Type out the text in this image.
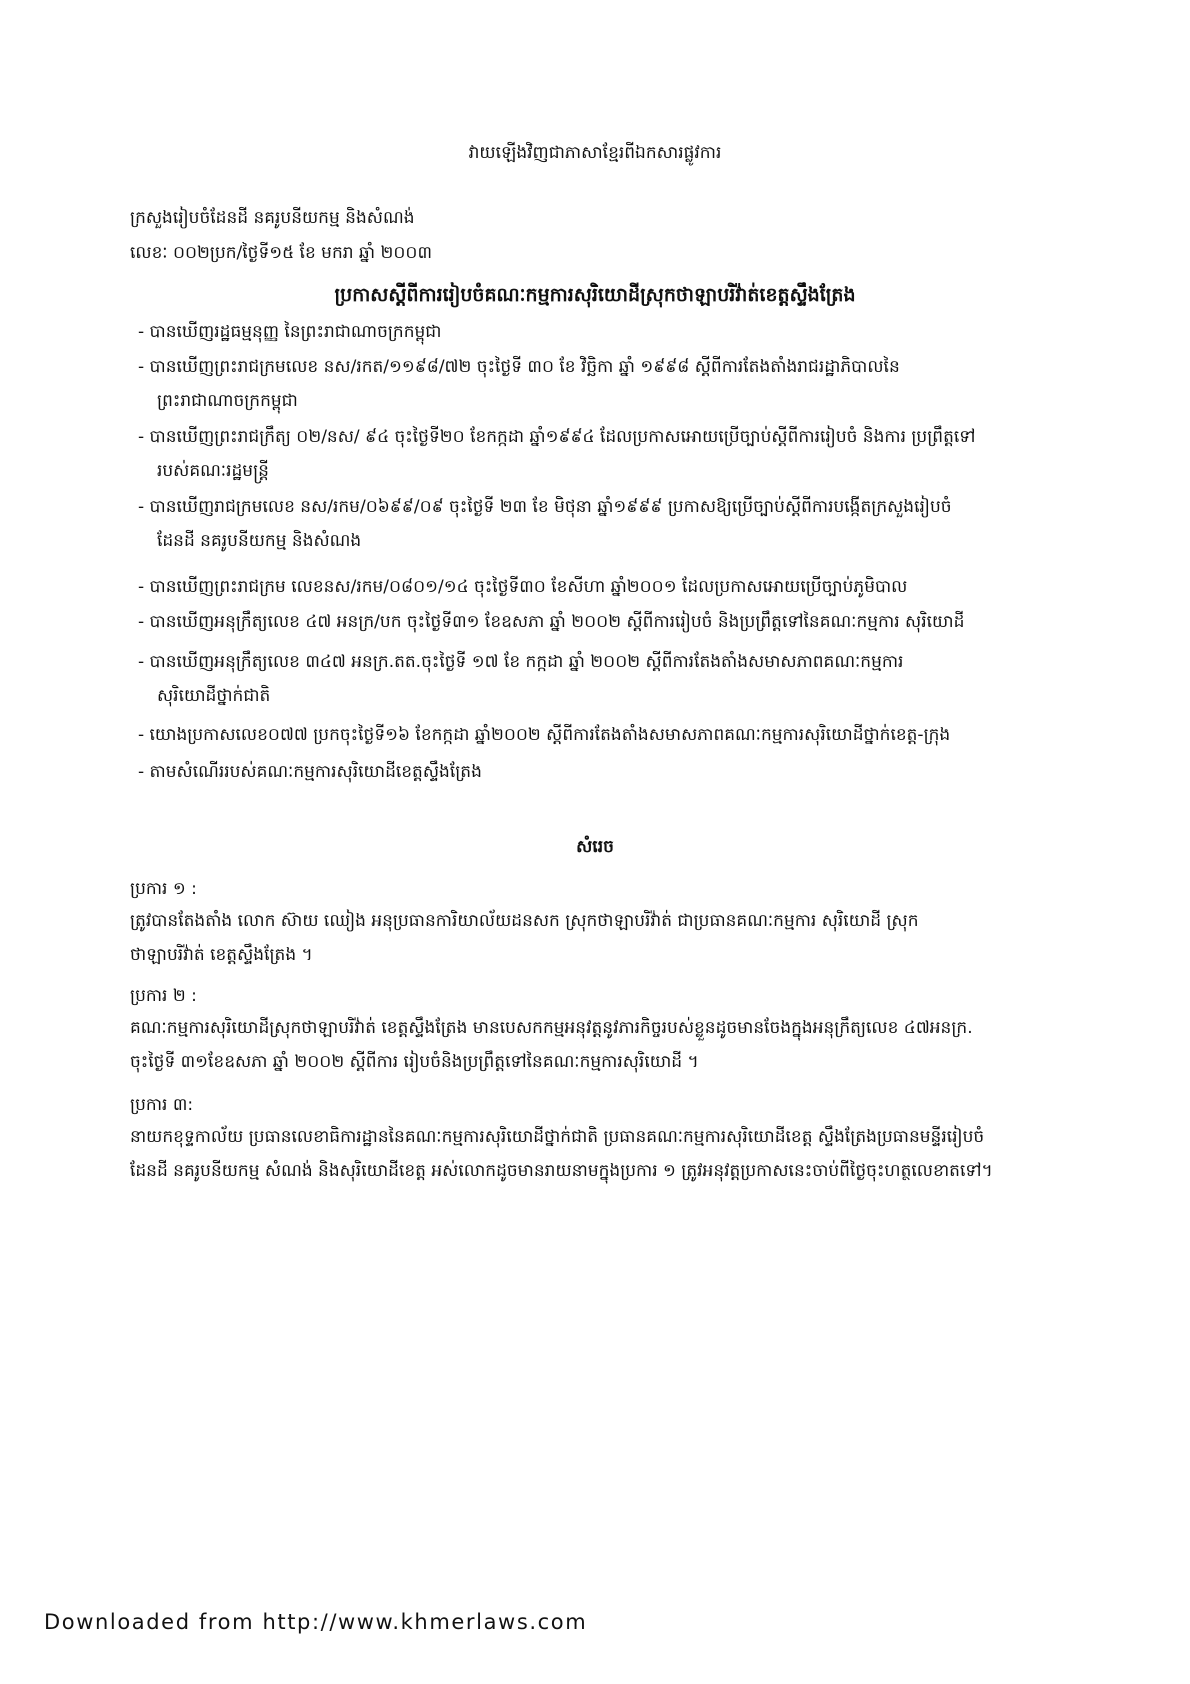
វាយឡើងវិញជាភាសាខ្មែរពីឯកសារផ្លូវការ
ក្រសួងរៀបចំដែនដី នគរូបនីយកម្ម និងសំណង់
លេខៈ ០០២ប្រក/ថ្ងៃទី១៥ ខែ មករា ឆ្នាំ ២០០៣
ប្រកាសស្តីពីការរៀបចំគណៈកម្មការសុរិយោដីស្រុកថាឡាបរិវ៉ាត់ខេត្តស្ទឹងត្រែង
- បានឃើញរដ្ឋធម្មនុញ្ញ នៃព្រះរាជាណាចក្រកម្ពុជា
- បានឃើញព្រះរាជក្រមលេខ នស/រកត/១១៩៨/៧២ ចុះថ្ងៃទី ៣០ ខែ វិច្ឆិកា ឆ្នាំ ១៩៩៨ ស្តីពីការតែងតាំងរាជរដ្ឋាភិបាលនៃ
ព្រះរាជាណាចក្រកម្ពុជា
- បានឃើញព្រះរាជក្រឹត្យ ០២/នស/ ៩៤ ចុះថ្ងៃទី២០ ខែកក្កដា ឆ្នាំ១៩៩៤ ដែលប្រកាសអោយប្រើច្បាប់ស្តីពីការរៀបចំ និងការ ប្រព្រឹត្តទៅ
របស់គណៈរដ្ឋមន្ត្រី
- បានឃើញរាជក្រមលេខ នស/រកម/០៦៩៩/០៩ ចុះថ្ងៃទី ២៣ ខែ មិថុនា ឆ្នាំ១៩៩៩ ប្រកាសឱ្យប្រើច្បាប់ស្តីពីការបង្កើតក្រសួងរៀបចំ
ដែនដី នគរូបនីយកម្ម និងសំណង
- បានឃើញព្រះរាជក្រម លេខនស/រកម/០៨០១/១៤ ចុះថ្ងៃទី៣០ ខែសីហា ឆ្នាំ២០០១ ដែលប្រកាសអោយប្រើច្បាប់ភូមិបាល
- បានឃើញអនុក្រឹត្យលេខ ៤៧ អនក្រ/បក ចុះថ្ងៃទី៣១ ខែឧសភា ឆ្នាំ ២០០២ ស្តីពីការរៀបចំ និងប្រព្រឹត្តទៅនៃគណៈកម្មការ សុរិយោដី
- បានឃើញអនុក្រឹត្យលេខ ៣៤៧ អនក្រ.តត.ចុះថ្ងៃទី ១៧ ខែ កក្កដា ឆ្នាំ ២០០២ ស្តីពីការតែងតាំងសមាសភាពគណៈកម្មការ
សុរិយោដីថ្នាក់ជាតិ
- យោងប្រកាសលេខ០៧៧ ប្រកចុះថ្ងៃទី១៦ ខែកក្កដា ឆ្នាំ២០០២ ស្តីពីការតែងតាំងសមាសភាពគណៈកម្មការសុរិយោដីថ្នាក់ខេត្ត-ក្រុង
- តាមសំណើររបស់គណៈកម្មការសុរិយោដីខេត្តស្ទឹងត្រែង
សំរេច
ប្រការ ១ :
ត្រូវបានតែងតាំង លោក ស៊ាយ ឈៀង អនុប្រធានការិយាល័យដនសក ស្រុកថាឡាបរិវ៉ាត់ ជាប្រធានគណៈកម្មការ សុរិយោដី ស្រុក
ថាឡាបរិវ៉ាត់ ខេត្តស្ទឹងត្រែង ។
ប្រការ ២ :
គណៈកម្មការសុរិយោដីស្រុកថាឡាបរិវ៉ាត់ ខេត្តស្ទឹងត្រែង មានបេសកកម្មអនុវត្តនូវភារកិច្ចរបស់ខ្លួនដូចមានចែងក្នុងអនុក្រឹត្យលេខ ៤៧អនក្រ.
ចុះថ្ងៃទី ៣១ខែឧសភា ឆ្នាំ ២០០២ ស្តីពីការ រៀបចំនិងប្រព្រឹត្តទៅនៃគណៈកម្មការសុរិយោដី ។
ប្រការ ៣:
នាយកខុទ្ទកាល័យ ប្រធានលេខាធិការដ្ឋាននៃគណៈកម្មការសុរិយោដីថ្នាក់ជាតិ ប្រធានគណៈកម្មការសុរិយោដីខេត្ត ស្ទឹងត្រែងប្រធានមន្ទីររៀបចំ
ដែនដី នគរូបនីយកម្ម សំណង់ និងសុរិយោដីខេត្ត អស់លោកដូចមានរាយនាមក្នុងប្រការ ១ ត្រូវអនុវត្តប្រកាសនេះចាប់ពីថ្ងៃចុះហត្ថលេខាតទៅ។
Downloaded from http://www.khmerlaws.com
